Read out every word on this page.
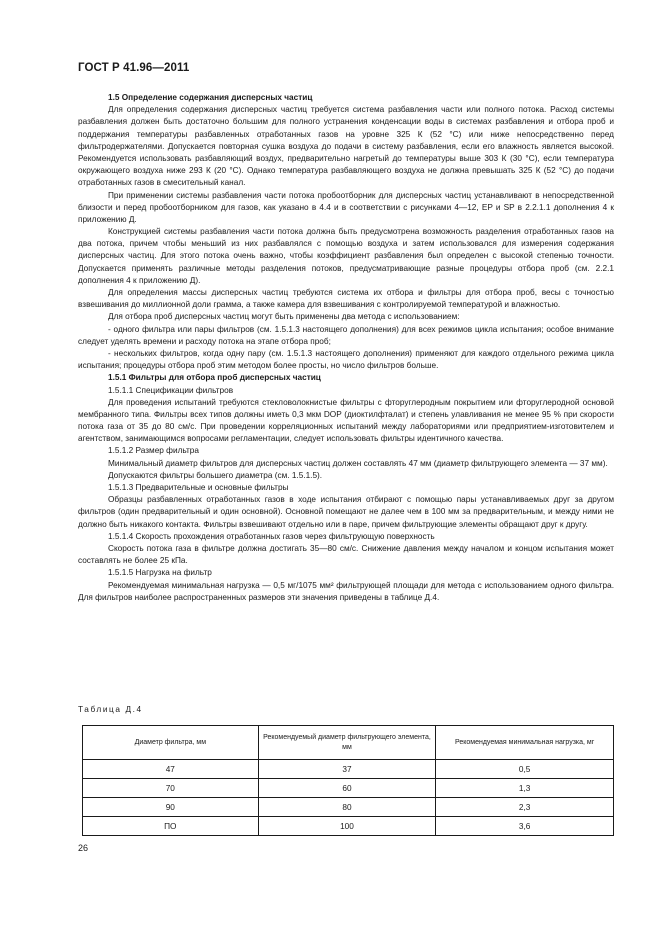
ГОСТ Р 41.96—2011

1.5 Определение содержания дисперсных частиц

Для определения содержания дисперсных частиц требуется система разбавления части или полного потока. Расход системы разбавления должен быть достаточно большим для полного устранения конденсации воды в системах разбавления и отбора проб и поддержания температуры разбавленных отработанных газов на уровне 325 К (52 °С) или ниже непосредственно перед фильтродержателями. Допускается повторная сушка воздуха до подачи в систему разбавления, если его влажность является высокой. Рекомендуется использовать разбавляющий воздух, предварительно нагретый до температуры выше 303 К (30 °С), если температура окружающего воздуха ниже 293 К (20 °С). Однако температура разбавляющего воздуха не должна превышать 325 К (52 °С) до подачи отработанных газов в смесительный канал.

При применении системы разбавления части потока пробоотборник для дисперсных частиц устанавливают в непосредственной близости и перед пробоотборником для газов, как указано в 4.4 и в соответствии с рисунками 4—12, EP и SP в 2.2.1.1 дополнения 4 к приложению Д.

Конструкцией системы разбавления части потока должна быть предусмотрена возможность разделения отработанных газов на два потока, причем чтобы меньший из них разбавлялся с помощью воздуха и затем использовался для измерения содержания дисперсных частиц. Для этого потока очень важно, чтобы коэффициент разбавления был определен с высокой степенью точности. Допускается применять различные методы разделения потоков, предусматривающие разные процедуры отбора проб (см. 2.2.1 дополнения 4 к приложению Д).

Для определения массы дисперсных частиц требуются система их отбора и фильтры для отбора проб, весы с точностью взвешивания до миллионной доли грамма, а также камера для взвешивания с контролируемой температурой и влажностью.

Для отбора проб дисперсных частиц могут быть применены два метода с использованием:

- одного фильтра или пары фильтров (см. 1.5.1.3 настоящего дополнения) для всех режимов цикла испытания; особое внимание следует уделять времени и расходу потока на этапе отбора проб;

- нескольких фильтров, когда одну пару (см. 1.5.1.3 настоящего дополнения) применяют для каждого отдельного режима цикла испытания; процедуры отбора проб этим методом более просты, но число фильтров больше.

1.5.1 Фильтры для отбора проб дисперсных частиц

1.5.1.1 Спецификации фильтров

Для проведения испытаний требуются стекловолокнистые фильтры с фторуглеродным покрытием или фторуглеродной основой мембранного типа. Фильтры всех типов должны иметь 0,3 мкм DOP (диоктилфталат) и степень улавливания не менее 95 % при скорости потока газа от 35 до 80 см/с. При проведении корреляционных испытаний между лабораториями или предприятием-изготовителем и агентством, занимающимся вопросами регламентации, следует использовать фильтры идентичного качества.

1.5.1.2 Размер фильтра

Минимальный диаметр фильтров для дисперсных частиц должен составлять 47 мм (диаметр фильтрующего элемента — 37 мм).

Допускаются фильтры большего диаметра (см. 1.5.1.5).

1.5.1.3 Предварительные и основные фильтры

Образцы разбавленных отработанных газов в ходе испытания отбирают с помощью пары устанавливаемых друг за другом фильтров (один предварительный и один основной). Основной помещают не далее чем в 100 мм за предварительным, и между ними не должно быть никакого контакта. Фильтры взвешивают отдельно или в паре, причем фильтрующие элементы обращают друг к другу.

1.5.1.4 Скорость прохождения отработанных газов через фильтрующую поверхность

Скорость потока газа в фильтре должна достигать 35—80 см/с. Снижение давления между началом и концом испытания может составлять не более 25 кПа.

1.5.1.5 Нагрузка на фильтр

Рекомендуемая минимальная нагрузка — 0,5 мг/1075 мм² фильтрующей площади для метода с использованием одного фильтра. Для фильтров наиболее распространенных размеров эти значения приведены в таблице Д.4.

Таблица Д.4
Диаметр фильтра, мм	Рекомендуемый диаметр фильтрующего элемента, мм	Рекомендуемая минимальная нагрузка, мг
47	37	0,5
70	60	1,3
90	80	2,3
ПО	100	3,6
26
